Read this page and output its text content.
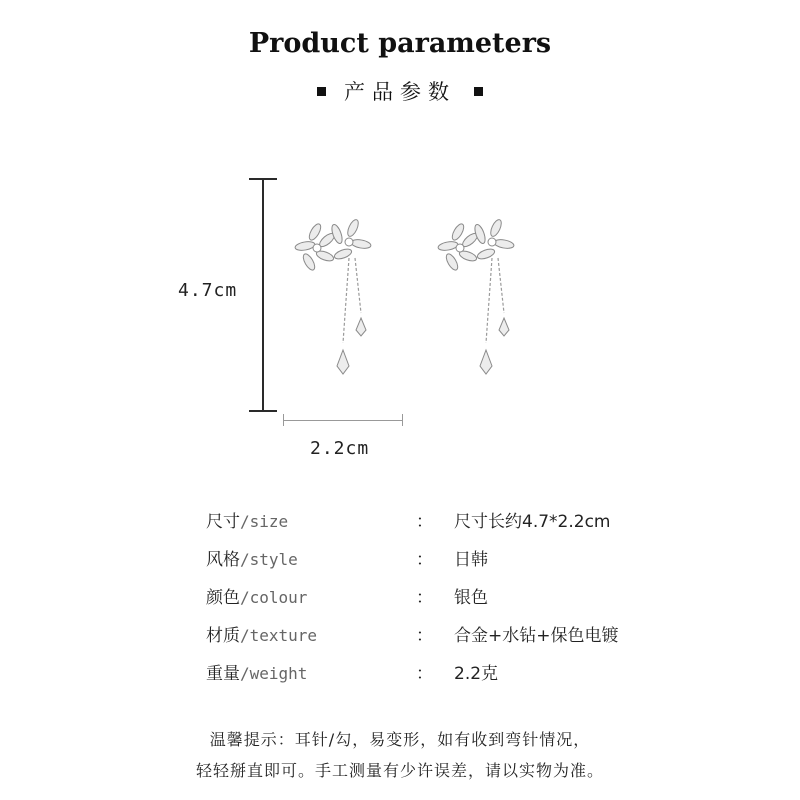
Product parameters
产品参数
4.7cm
2.2cm
尺寸/size	：	尺寸长约4.7*2.2cm
风格/style	：	日韩
颜色/colour	：	银色
材质/texture	：	合金+水钻+保色电镀
重量/weight	：	2.2克
温馨提示：耳针/勾，易变形，如有收到弯针情况，
轻轻掰直即可。手工测量有少许误差，请以实物为准。
